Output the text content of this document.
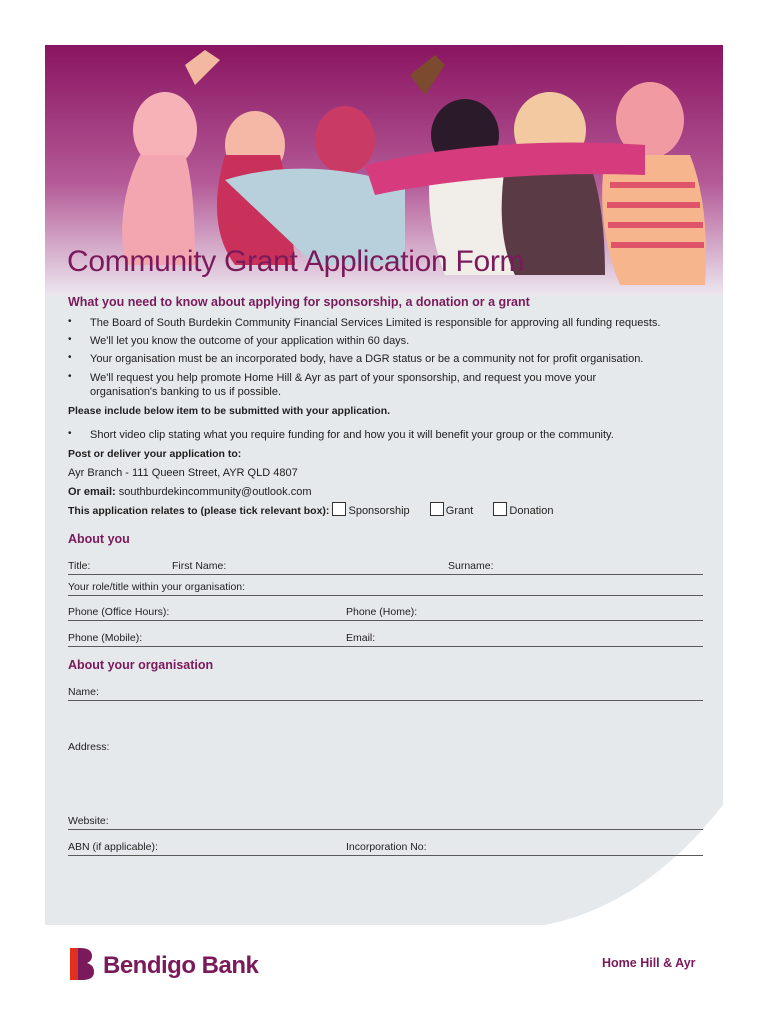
Community Grant Application Form
What you need to know about applying for sponsorship, a donation or a grant
• The Board of South Burdekin Community Financial Services Limited is responsible for approving all funding requests.
• We'll let you know the outcome of your application within 60 days.
• Your organisation must be an incorporated body, have a DGR status or be a community not for profit organisation.
• We'll request you help promote Home Hill & Ayr as part of your sponsorship, and request you move your organisation's banking to us if possible.
Please include below item to be submitted with your application.
• Short video clip stating what you require funding for and how you it will benefit your group or the community.
Post or deliver your application to:
Ayr Branch - 111 Queen Street, AYR QLD 4807
Or email: southburdekincommunity@outlook.com
This application relates to (please tick relevant box): Sponsorship	Grant	Donation
About you
Title:	First Name:	Surname:
Your role/title within your organisation:
Phone (Office Hours):	Phone (Home):
Phone (Mobile):	Email:
About your organisation
Name:
Address:
Website:
ABN (if applicable):	Incorporation No:
Bendigo Bank	Home Hill & Ayr
